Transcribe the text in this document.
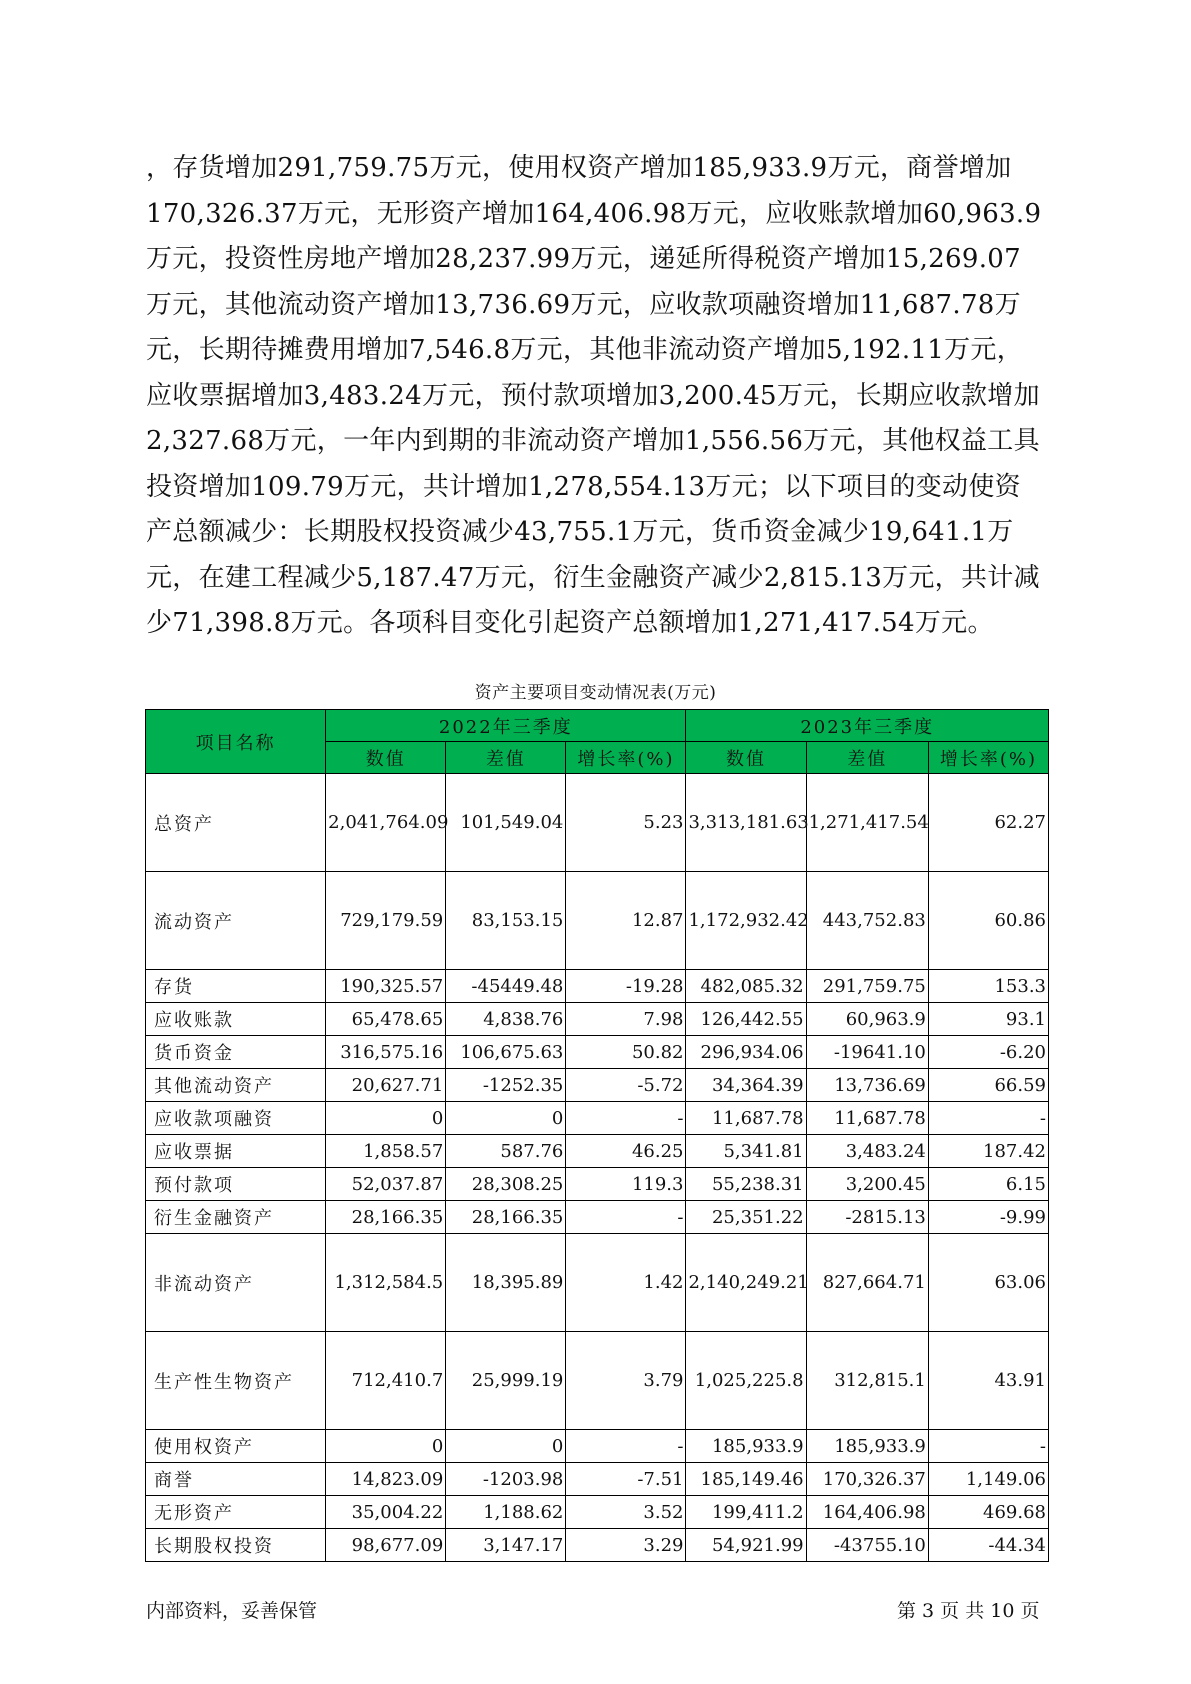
，存货增加291,759.75万元，使用权资产增加185,933.9万元，商誉增加170,326.37万元，无形资产增加164,406.98万元，应收账款增加60,963.9万元，投资性房地产增加28,237.99万元，递延所得税资产增加15,269.07万元，其他流动资产增加13,736.69万元，应收款项融资增加11,687.78万元，长期待摊费用增加7,546.8万元，其他非流动资产增加5,192.11万元，应收票据增加3,483.24万元，预付款项增加3,200.45万元，长期应收款增加2,327.68万元，一年内到期的非流动资产增加1,556.56万元，其他权益工具投资增加109.79万元，共计增加1,278,554.13万元；以下项目的变动使资产总额减少：长期股权投资减少43,755.1万元，货币资金减少19,641.1万元，在建工程减少5,187.47万元，衍生金融资产减少2,815.13万元，共计减少71,398.8万元。各项科目变化引起资产总额增加1,271,417.54万元。

资产主要项目变动情况表(万元)
项目名称	2022年三季度			2023年三季度		
	数值	差值	增长率(%)	数值	差值	增长率(%)
总资产	2,041,764.09	101,549.04	5.23	3,313,181.63	1,271,417.54	62.27
流动资产	729,179.59	83,153.15	12.87	1,172,932.42	443,752.83	60.86
存货	190,325.57	-45449.48	-19.28	482,085.32	291,759.75	153.3
应收账款	65,478.65	4,838.76	7.98	126,442.55	60,963.9	93.1
货币资金	316,575.16	106,675.63	50.82	296,934.06	-19641.10	-6.20
其他流动资产	20,627.71	-1252.35	-5.72	34,364.39	13,736.69	66.59
应收款项融资	0	0	-	11,687.78	11,687.78	-
应收票据	1,858.57	587.76	46.25	5,341.81	3,483.24	187.42
预付款项	52,037.87	28,308.25	119.3	55,238.31	3,200.45	6.15
衍生金融资产	28,166.35	28,166.35	-	25,351.22	-2815.13	-9.99
非流动资产	1,312,584.5	18,395.89	1.42	2,140,249.21	827,664.71	63.06
生产性生物资产	712,410.7	25,999.19	3.79	1,025,225.8	312,815.1	43.91
使用权资产	0	0	-	185,933.9	185,933.9	-
商誉	14,823.09	-1203.98	-7.51	185,149.46	170,326.37	1,149.06
无形资产	35,004.22	1,188.62	3.52	199,411.2	164,406.98	469.68
长期股权投资	98,677.09	3,147.17	3.29	54,921.99	-43755.10	-44.34
内部资料，妥善保管	第 3 页 共 10 页
